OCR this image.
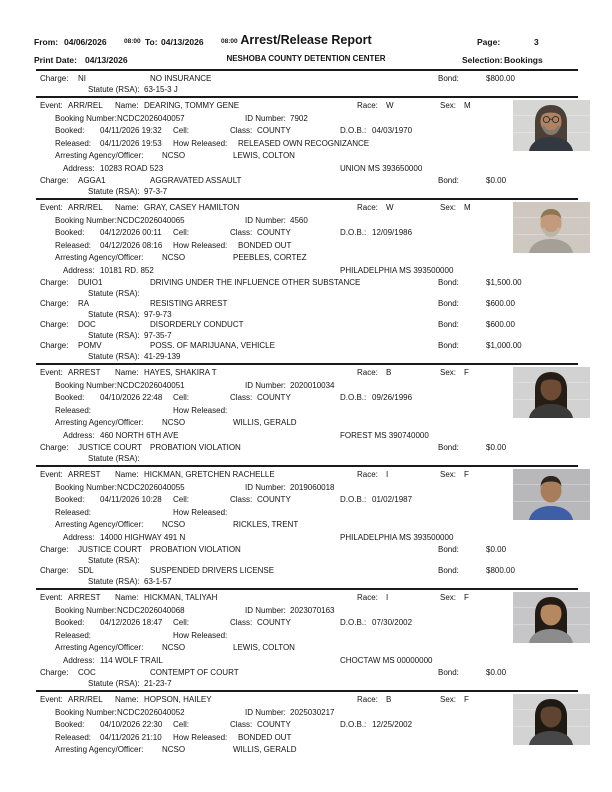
From: 04/06/2026	08:00 To: 04/13/2026	08:00 Arrest/Release Report	Page:	3
Print Date: 04/13/2026	NESHOBA COUNTY DETENTION CENTER	Selection: Bookings
Charge: NI	NO INSURANCE	Bond:	$800.00
Statute (RSA): 63-15-3 J
Event: ARR/REL Name: DEARING, TOMMY GENE	Race: W	Sex: M
Booking Number: NCDC2026040057	ID Number: 7902
Booked: 04/11/2026 19:32 Cell:	Class: COUNTY	D.O.B.: 04/03/1970
Released: 04/11/2026 19:53 How Released: RELEASED OWN RECOGNIZANCE
Arresting Agency/Officer: NCSO	LEWIS, COLTON
Address: 10283 ROAD 523	UNION MS 393650000
Charge: AGGA1	AGGRAVATED ASSAULT	Bond:	$0.00
Statute (RSA): 97-3-7
Event: ARR/REL Name: GRAY, CASEY HAMILTON	Race: W	Sex: M
Booking Number: NCDC2026040065	ID Number: 4560
Booked: 04/12/2026 00:11 Cell:	Class: COUNTY	D.O.B.: 12/09/1986
Released: 04/12/2026 08:16 How Released: BONDED OUT
Arresting Agency/Officer: NCSO	PEEBLES, CORTEZ
Address: 10181 RD. 852	PHILADELPHIA MS 393500000
Charge: DUIO1	DRIVING UNDER THE INFLUENCE OTHER SUBSTANCE	Bond:	$1,500.00
Statute (RSA):
Charge: RA	RESISTING ARREST	Bond:	$600.00
Statute (RSA): 97-9-73
Charge: DOC	DISORDERLY CONDUCT	Bond:	$600.00
Statute (RSA): 97-35-7
Charge: POMV	POSS. OF MARIJUANA, VEHICLE	Bond:	$1,000.00
Statute (RSA): 41-29-139
Event: ARREST Name: HAYES, SHAKIRA T	Race: B	Sex: F
Booking Number: NCDC2026040051	ID Number: 2020010034
Booked: 04/10/2026 22:48 Cell:	Class: COUNTY	D.O.B.: 09/26/1996
Released:	How Released:
Arresting Agency/Officer: NCSO	WILLIS, GERALD
Address: 460 NORTH 6TH AVE	FOREST MS 390740000
Charge: JUSTICE COURT PROBATION VIOLATION	Bond:	$0.00
Statute (RSA):
Event: ARREST Name: HICKMAN, GRETCHEN RACHELLE	Race: I	Sex: F
Booking Number: NCDC2026040055	ID Number: 2019060018
Booked: 04/11/2026 10:28 Cell:	Class: COUNTY	D.O.B.: 01/02/1987
Released:	How Released:
Arresting Agency/Officer: NCSO	RICKLES, TRENT
Address: 14000 HIGHWAY 491 N	PHILADELPHIA MS 393500000
Charge: JUSTICE COURT PROBATION VIOLATION	Bond:	$0.00
Statute (RSA):
Charge: SDL	SUSPENDED DRIVERS LICENSE	Bond:	$800.00
Statute (RSA): 63-1-57
Event: ARREST Name: HICKMAN, TALIYAH	Race: I	Sex: F
Booking Number: NCDC2026040068	ID Number: 2023070163
Booked: 04/12/2026 18:47 Cell:	Class: COUNTY	D.O.B.: 07/30/2002
Released:	How Released:
Arresting Agency/Officer: NCSO	LEWIS, COLTON
Address: 114 WOLF TRAIL	CHOCTAW MS 00000000
Charge: COC	CONTEMPT OF COURT	Bond:	$0.00
Statute (RSA): 21-23-7
Event: ARR/REL Name: HOPSON, HAILEY	Race: B	Sex: F
Booking Number: NCDC2026040052	ID Number: 2025030217
Booked: 04/10/2026 22:30 Cell:	Class: COUNTY	D.O.B.: 12/25/2002
Released: 04/11/2026 21:10 How Released: BONDED OUT
Arresting Agency/Officer: NCSO	WILLIS, GERALD
